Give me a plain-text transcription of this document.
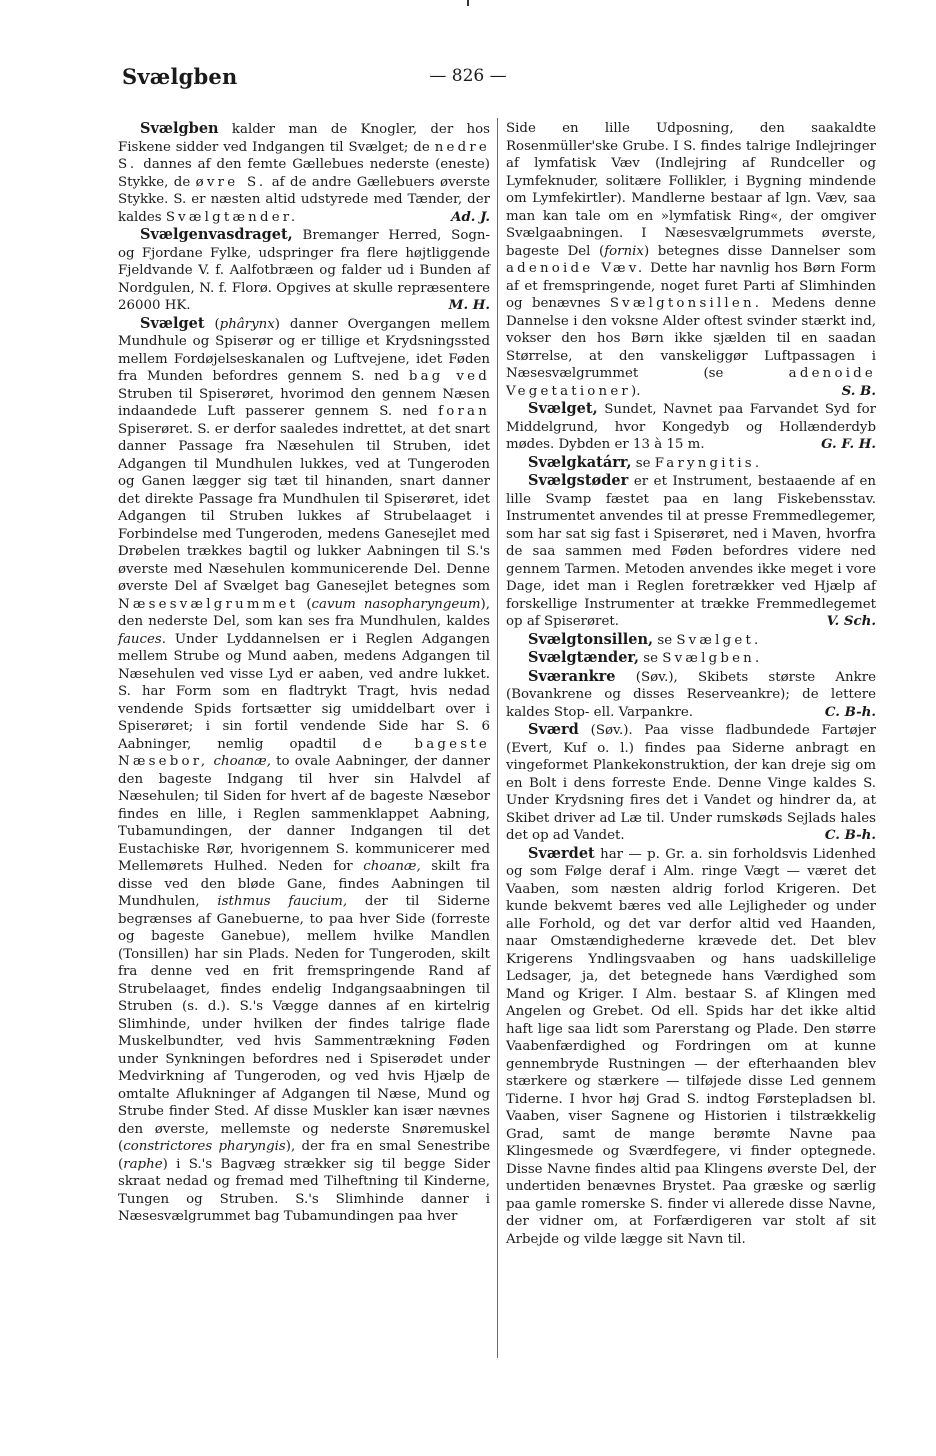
Svælgben	— 826 —

Svælgben kalder man de Knogler, der hos Fiskene sidder ved Indgangen til Svælget; de nedre S. dannes af den femte Gællebues nederste (eneste) Stykke, de øvre S. af de andre Gællebuers øverste Stykke. S. er næsten altid udstyrede med Tænder, der kaldes Svælgtænder.	Ad. J.

Svælgenvasdraget, Bremanger Herred, Sogn- og Fjordane Fylke, udspringer fra flere højtliggende Fjeldvande V. f. Aalfotbræen og falder ud i Bunden af Nordgulen, N. f. Florø. Opgives at skulle repræsentere 26000 HK.	M. H.

Svælget (phârynx) danner Overgangen mellem Mundhule og Spiserør og er tillige et Krydsningssted mellem Fordøjelseskanalen og Luftvejene, idet Føden fra Munden befordres gennem S. ned bag ved Struben til Spiserøret, hvorimod den gennem Næsen indaandede Luft passerer gennem S. ned foran Spiserøret. S. er derfor saaledes indrettet, at det snart danner Passage fra Næsehulen til Struben, idet Adgangen til Mundhulen lukkes, ved at Tungeroden og Ganen lægger sig tæt til hinanden, snart danner det direkte Passage fra Mundhulen til Spiserøret, idet Adgangen til Struben lukkes af Strubelaaget i Forbindelse med Tungeroden, medens Ganesejlet med Drøbelen trækkes bagtil og lukker Aabningen til S.'s øverste med Næsehulen kommunicerende Del. Denne øverste Del af Svælget bag Ganesejlet betegnes som Næsesvælgrummet (cavum nasopharyngeum), den nederste Del, som kan ses fra Mundhulen, kaldes fauces. Under Lyddannelsen er i Reglen Adgangen mellem Strube og Mund aaben, medens Adgangen til Næsehulen ved visse Lyd er aaben, ved andre lukket. S. har Form som en fladtrykt Tragt, hvis nedad vendende Spids fortsætter sig umiddelbart over i Spiserøret; i sin fortil vendende Side har S. 6 Aabninger, nemlig opadtil de bageste Næsebor, choanæ, to ovale Aabninger, der danner den bageste Indgang til hver sin Halvdel af Næsehulen; til Siden for hvert af de bageste Næsebor findes en lille, i Reglen sammenklappet Aabning, Tubamundingen, der danner Indgangen til det Eustachiske Rør, hvorigennem S. kommunicerer med Mellemørets Hulhed. Neden for choanæ, skilt fra disse ved den bløde Gane, findes Aabningen til Mundhulen, isthmus faucium, der til Siderne begrænses af Ganebuerne, to paa hver Side (forreste og bageste Ganebue), mellem hvilke Mandlen (Tonsillen) har sin Plads. Neden for Tungeroden, skilt fra denne ved en frit fremspringende Rand af Strubelaaget, findes endelig Indgangsaabningen til Struben (s. d.). S.'s Vægge dannes af en kirtelrig Slimhinde, under hvilken der findes talrige flade Muskelbundter, ved hvis Sammentrækning Føden under Synkningen befordres ned i Spiserødet under Medvirkning af Tungeroden, og ved hvis Hjælp de omtalte Aflukninger af Adgangen til Næse, Mund og Strube finder Sted. Af disse Muskler kan især nævnes den øverste, mellemste og nederste Snøremuskel (constrictores pharyngis), der fra en smal Senestribe (raphe) i S.'s Bagvæg strækker sig til begge Sider skraat nedad og fremad med Tilheftning til Kinderne, Tungen og Struben. S.'s Slimhinde danner i Næsesvælgrummet bag Tubamundingen paa hver

Side en lille Udposning, den saakaldte Rosenmüller'ske Grube. I S. findes talrige Indlejringer af lymfatisk Væv (Indlejring af Rundceller og Lymfeknuder, solitære Follikler, i Bygning mindende om Lymfekirtler). Mandlerne bestaar af lgn. Væv, saa man kan tale om en »lymfatisk Ring«, der omgiver Svælgaabningen. I Næsesvælgrummets øverste, bageste Del (fornix) betegnes disse Dannelser som adenoide Væv. Dette har navnlig hos Børn Form af et fremspringende, noget furet Parti af Slimhinden og benævnes Svælgtonsillen. Medens denne Dannelse i den voksne Alder oftest svinder stærkt ind, vokser den hos Børn ikke sjælden til en saadan Størrelse, at den vanskeliggør Luftpassagen i Næsesvælgrummet (se adenoide Vegetationer).	S. B.

Svælget, Sundet, Navnet paa Farvandet Syd for Middelgrund, hvor Kongedyb og Hollænderdyb mødes. Dybden er 13 à 15 m.	G. F. H.

Svælgkatárr, se Faryngitis.

Svælgstøder er et Instrument, bestaaende af en lille Svamp fæstet paa en lang Fiskebensstav. Instrumentet anvendes til at presse Fremmedlegemer, som har sat sig fast i Spiserøret, ned i Maven, hvorfra de saa sammen med Føden befordres videre ned gennem Tarmen. Metoden anvendes ikke meget i vore Dage, idet man i Reglen foretrækker ved Hjælp af forskellige Instrumenter at trække Fremmedlegemet op af Spiserøret.	V. Sch.

Svælgtonsillen, se Svælget.

Svælgtænder, se Svælgben.

Sværankre (Søv.), Skibets største Ankre (Bovankrene og disses Reserveankre); de lettere kaldes Stop- ell. Varpankre.	C. B-h.

Sværd (Søv.). Paa visse fladbundede Fartøjer (Evert, Kuf o. l.) findes paa Siderne anbragt en vingeformet Plankekonstruktion, der kan dreje sig om en Bolt i dens forreste Ende. Denne Vinge kaldes S. Under Krydsning fires det i Vandet og hindrer da, at Skibet driver ad Læ til. Under rumskøds Sejlads hales det op ad Vandet.	C. B-h.

Sværdet har — p. Gr. a. sin forholdsvis Lidenhed og som Følge deraf i Alm. ringe Vægt — været det Vaaben, som næsten aldrig forlod Krigeren. Det kunde bekvemt bæres ved alle Lejligheder og under alle Forhold, og det var derfor altid ved Haanden, naar Omstændighederne krævede det. Det blev Krigerens Yndlingsvaaben og hans uadskillelige Ledsager, ja, det betegnede hans Værdighed som Mand og Kriger. I Alm. bestaar S. af Klingen med Angelen og Grebet. Od ell. Spids har det ikke altid haft lige saa lidt som Parerstang og Plade. Den større Vaabenfærdighed og Fordringen om at kunne gennembryde Rustningen — der efterhaanden blev stærkere og stærkere — tilføjede disse Led gennem Tiderne. I hvor høj Grad S. indtog Førstepladsen bl. Vaaben, viser Sagnene og Historien i tilstrækkelig Grad, samt de mange berømte Navne paa Klingesmede og Sværdfegere, vi finder optegnede. Disse Navne findes altid paa Klingens øverste Del, der undertiden benævnes Brystet. Paa græske og særlig paa gamle romerske S. finder vi allerede disse Navne, der vidner om, at Forfærdigeren var stolt af sit Arbejde og vilde lægge sit Navn til.
